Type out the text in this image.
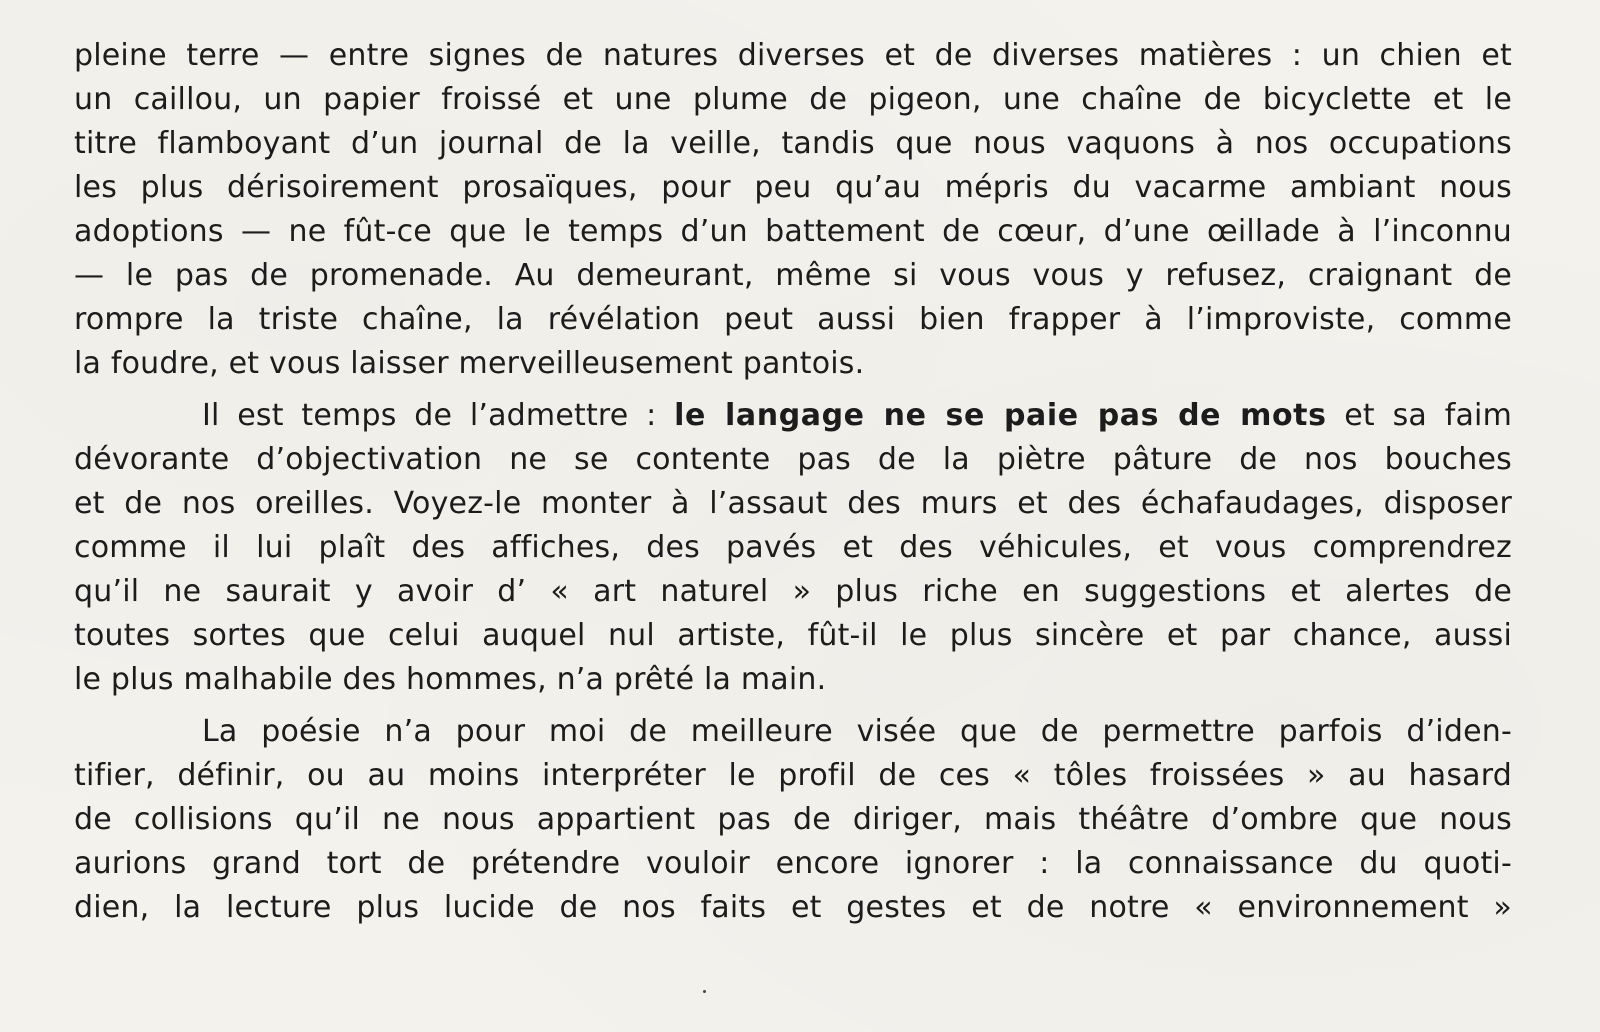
pleine terre — entre signes de natures diverses et de diverses matières : un chien et
un caillou, un papier froissé et une plume de pigeon, une chaîne de bicyclette et le
titre flamboyant d’un journal de la veille, tandis que nous vaquons à nos occupations
les plus dérisoirement prosaïques, pour peu qu’au mépris du vacarme ambiant nous
adoptions — ne fût-ce que le temps d’un battement de cœur, d’une œillade à l’inconnu
— le pas de promenade. Au demeurant, même si vous vous y refusez, craignant de
rompre la triste chaîne, la révélation peut aussi bien frapper à l’improviste, comme
la foudre, et vous laisser merveilleusement pantois.
Il est temps de l’admettre : le langage ne se paie pas de mots et sa faim
dévorante d’objectivation ne se contente pas de la piètre pâture de nos bouches
et de nos oreilles. Voyez-le monter à l’assaut des murs et des échafaudages, disposer
comme il lui plaît des affiches, des pavés et des véhicules, et vous comprendrez
qu’il ne saurait y avoir d’ « art naturel » plus riche en suggestions et alertes de
toutes sortes que celui auquel nul artiste, fût-il le plus sincère et par chance, aussi
le plus malhabile des hommes, n’a prêté la main.
La poésie n’a pour moi de meilleure visée que de permettre parfois d’iden-
tifier, définir, ou au moins interpréter le profil de ces « tôles froissées » au hasard
de collisions qu’il ne nous appartient pas de diriger, mais théâtre d’ombre que nous
aurions grand tort de prétendre vouloir encore ignorer : la connaissance du quoti-
dien, la lecture plus lucide de nos faits et gestes et de notre « environnement »
